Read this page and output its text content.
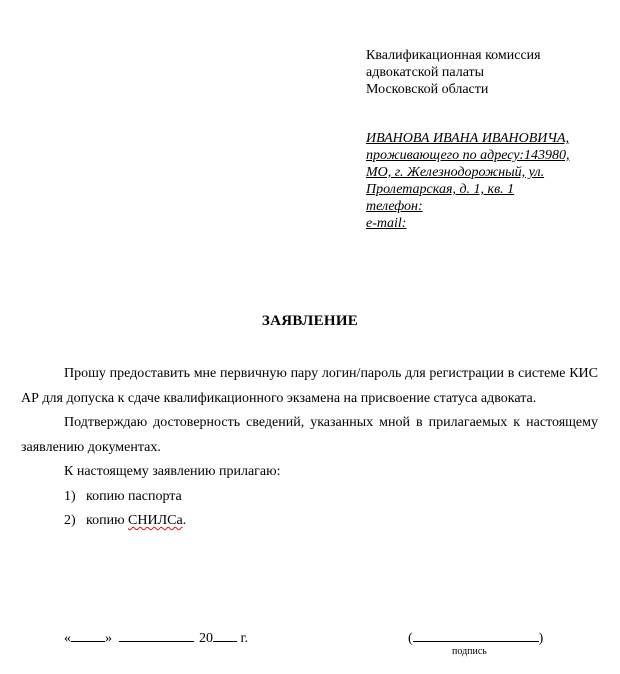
Квалификационная комиссия
адвокатской палаты
Московской области
ИВАНОВА ИВАНА ИВАНОВИЧА,
проживающего по адресу:143980,
МО, г. Железнодорожный, ул.
Пролетарская, д. 1, кв. 1
телефон:
e-mail:
ЗАЯВЛЕНИЕ

Прошу предоставить мне первичную пару логин/пароль для регистрации в системе КИС АР для допуска к сдаче квалификационного экзамена на присвоение статуса адвоката.

Подтверждаю достоверность сведений, указанных мной в прилагаемых к настоящему заявлению документах.

К настоящему заявлению прилагаю:

1) копию паспорта
2) копию СНИЛСа.
« »	20 г.	(	)
подпись
